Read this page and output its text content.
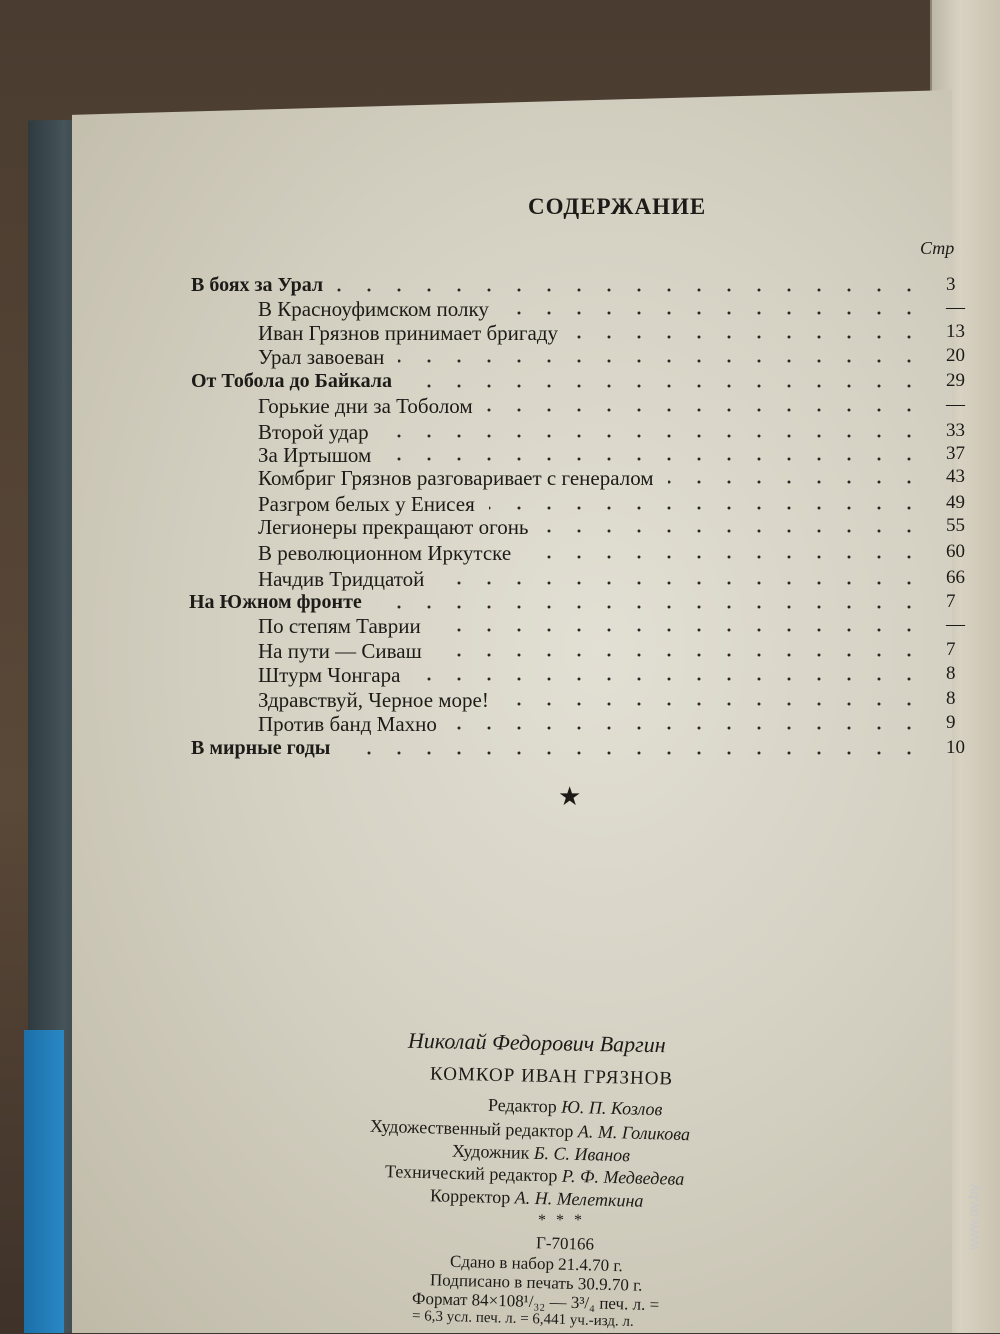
СОДЕРЖАНИЕ
Стр
В боях за Урал	3
В Красноуфимском полку	—
Иван Грязнов принимает бригаду	13
Урал завоеван	20
От Тобола до Байкала	29
Горькие дни за Тоболом	—
Второй удар	33
За Иртышом	37
Комбриг Грязнов разговаривает с генералом	43
Разгром белых у Енисея	49
Легионеры прекращают огонь	55
В революционном Иркутске	60
Начдив Тридцатой	66
На Южном фронте	7
По степям Таврии	—
На пути — Сиваш	7
Штурм Чонгара	8
Здравствуй, Черное море!	8
Против банд Махно	9
В мирные годы	10
★
Николай Федорович Варгин
КОМКОР ИВАН ГРЯЗНОВ
Редактор Ю. П. Козлов
Художественный редактор А. М. Голикова
Художник Б. С. Иванов
Технический редактор Р. Ф. Медведева
Корректор А. Н. Мелеткина
* * *
Г-70166
Сдано в набор 21.4.70 г.
Подписано в печать 30.9.70 г.
Формат 84×108¹/₃₂ — 3³/₄ печ. л. =
= 6,3 усл. печ. л. = 6,441 уч.-изд. л.
www.ay.by
